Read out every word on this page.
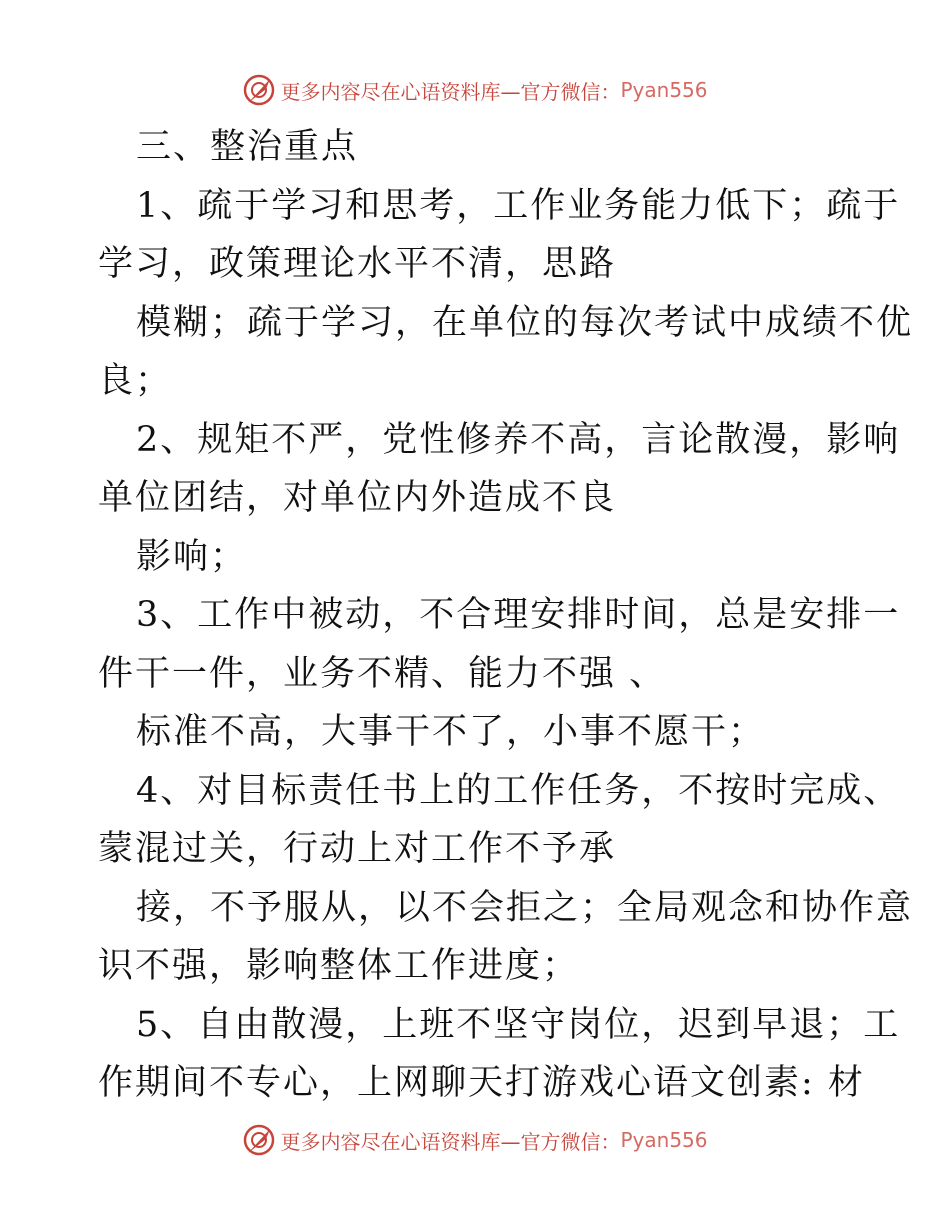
更多内容尽在心语资料库—官方微信： Pyan556
三、整治重点
1、疏于学习和思考，工作业务能力低下；疏于
学习，政策理论水平不清，思路
模糊；疏于学习，在单位的每次考试中成绩不优
良；
2、规矩不严，党性修养不高，言论散漫，影响
单位团结，对单位内外造成不良
影响；
3、工作中被动，不合理安排时间，总是安排一
件干一件，业务不精、能力不强 、
标准不高，大事干不了，小事不愿干；
4、对目标责任书上的工作任务，不按时完成、
蒙混过关，行动上对工作不予承
接，不予服从，以不会拒之；全局观念和协作意
识不强，影响整体工作进度；
5、自由散漫，上班不坚守岗位，迟到早退；工
作期间不专心，上网聊天打游戏心语文创素: 材
更多内容尽在心语资料库—官方微信： Pyan556
